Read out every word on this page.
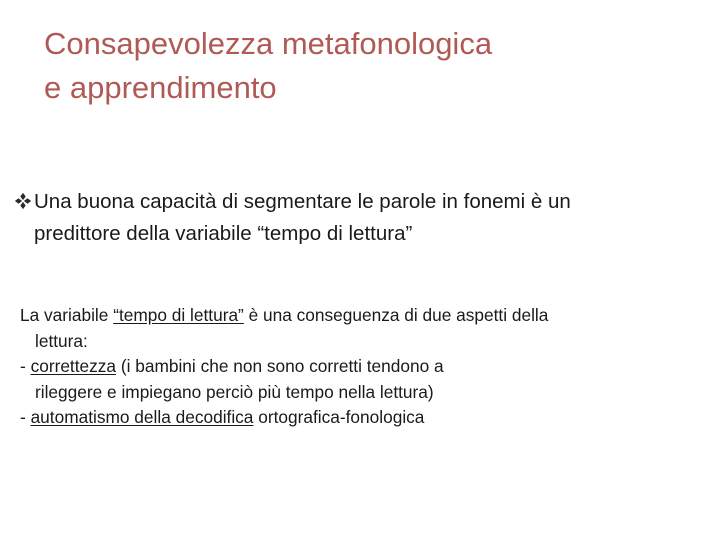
Consapevolezza metafonologica
e apprendimento
Una buona capacità di segmentare le parole in fonemi è un
predittore della variabile “tempo di lettura”
La variabile “tempo di lettura” è una conseguenza di due aspetti della
lettura:
- correttezza (i bambini che non sono corretti tendono a
rileggere e impiegano perciò più tempo nella lettura)
- automatismo della decodifica ortografica-fonologica
